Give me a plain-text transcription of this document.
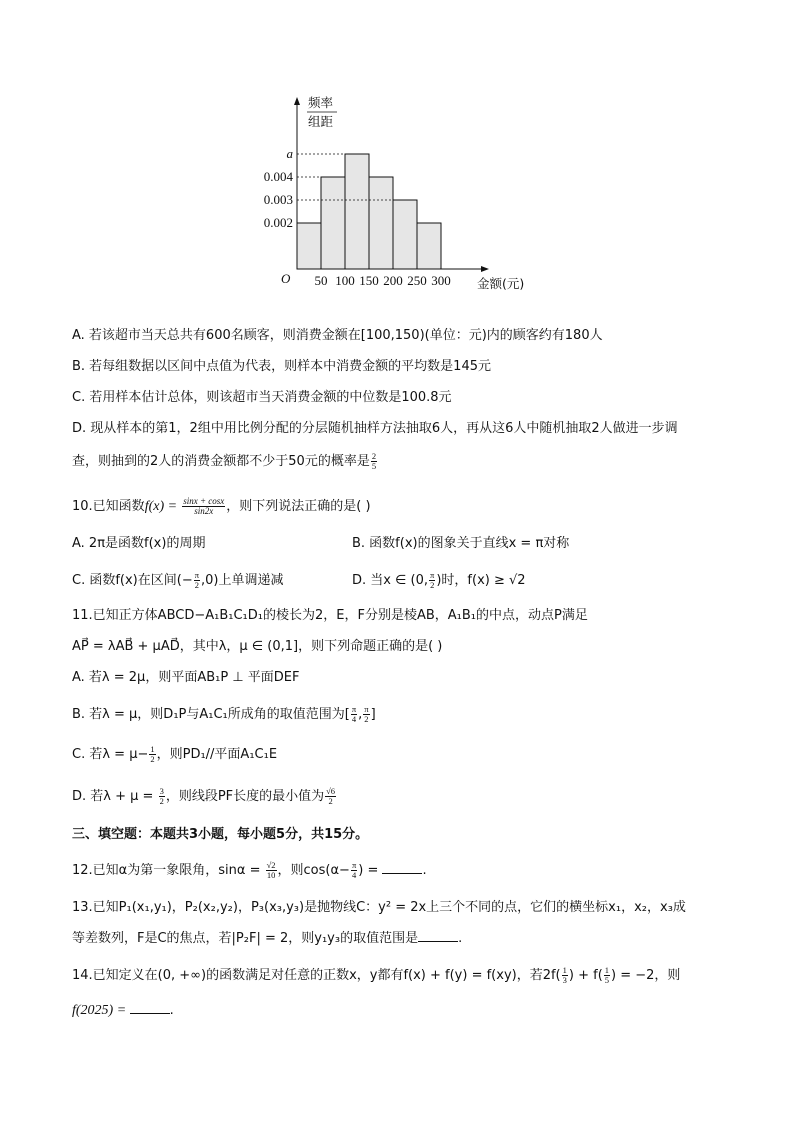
频率
组距
O
a
0.004
0.003
0.002
50 100 150 200 250 300 金额(元)
A. 若该超市当天总共有600名顾客，则消费金额在[100,150)(单位：元)内的顾客约有180人
B. 若每组数据以区间中点值为代表，则样本中消费金额的平均数是145元
C. 若用样本估计总体，则该超市当天消费金额的中位数是100.8元
D. 现从样本的第1，2组中用比例分配的分层随机抽样方法抽取6人，再从这6人中随机抽取2人做进一步调
查，则抽到的2人的消费金额都不少于50元的概率是 $\frac{2}{5}$
10.已知函数$f(x) = \frac{\sin x + \cos x}{\sin 2x}$ ，则下列说法正确的是( )
A. 2π是函数f(x)的周期	B. 函数f(x)的图象关于直线x = π对称
C. 函数f(x)在区间(− $\frac{\pi}{2} ,0$)上单调递减	D. 当x ∈ (0, $\frac{\pi}{2}$ )时，f(x) ≥ √2
11.已知正方体ABCD−A₁B₁C₁D₁的棱长为2，E，F分别是棱AB，A₁B₁的中点，动点P满足
AP⃗ = λAB⃗ + μAD⃗，其中λ，μ ∈ (0,1]，则下列命题正确的是( )
A. 若λ = 2μ，则平面AB₁P ⊥ 平面DEF
B. 若λ = μ，则D₁P与A₁C₁所成角的取值范围为[ $\frac{\pi}{4}$ , $\frac{\pi}{2}$ ]
C. 若$\lambda = \mu- \frac{1}{2}$ ，则PD₁//平面A₁C₁E
D. 若$\lambda + \mu = \frac{3}{2}$ ，则线段PF长度的最小值为 $\frac{√6}{2}$
三、填空题：本题共3小题，每小题5分，共15分。
12.已知α为第一象限角，$\sin\alpha = \frac{√2}{10}$ ，则$\cos(\alpha- \frac{\pi}{4}$ ) =	.
13.已知P₁(x₁,y₁)，P₂(x₂,y₂)，P₃(x₃,y₃)是抛物线C：y² = 2x上三个不同的点，它们的横坐标x₁，x₂，x₃成
等差数列，F是C的焦点，若|P₂F| = 2，则y₁y₃的取值范围是	.
14.已知定义在(0, +∞)的函数满足对任意的正数x，y都有f(x) + f(y) = f(xy)，若$2f( \frac{1}{3}$ ) + $f( \frac{1}{5}$ ) = −2，则
f(2025) =	.
